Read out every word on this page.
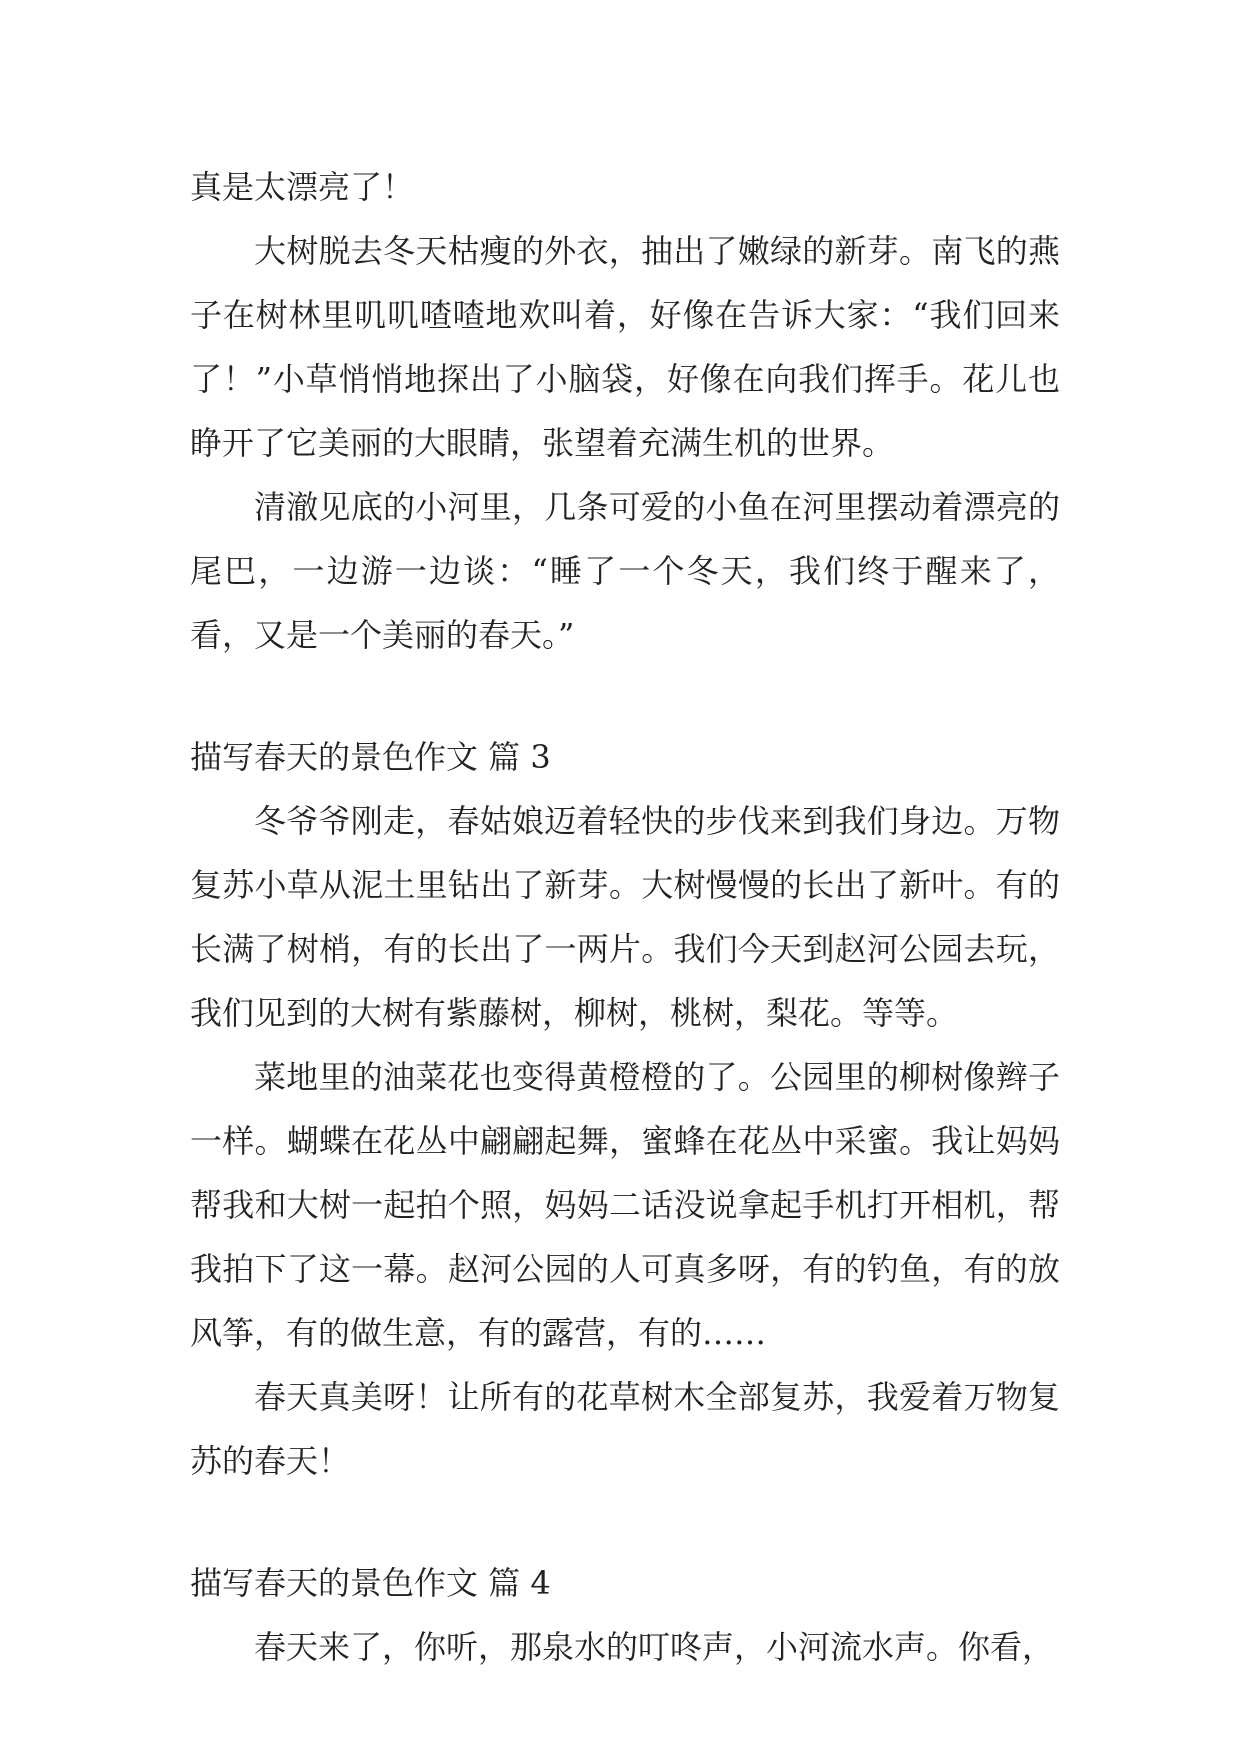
真是太漂亮了！

大树脱去冬天枯瘦的外衣，抽出了嫩绿的新芽。南飞的燕子在树林里叽叽喳喳地欢叫着，好像在告诉大家：“我们回来了！”小草悄悄地探出了小脑袋，好像在向我们挥手。花儿也睁开了它美丽的大眼睛，张望着充满生机的世界。

清澈见底的小河里，几条可爱的小鱼在河里摆动着漂亮的尾巴，一边游一边谈：“睡了一个冬天，我们终于醒来了，看，又是一个美丽的春天。”

描写春天的景色作文 篇 3

冬爷爷刚走，春姑娘迈着轻快的步伐来到我们身边。万物复苏小草从泥土里钻出了新芽。大树慢慢的长出了新叶。有的长满了树梢，有的长出了一两片。我们今天到赵河公园去玩，我们见到的大树有紫藤树，柳树，桃树，梨花。等等。

菜地里的油菜花也变得黄橙橙的了。公园里的柳树像辫子一样。蝴蝶在花丛中翩翩起舞，蜜蜂在花丛中采蜜。我让妈妈帮我和大树一起拍个照，妈妈二话没说拿起手机打开相机，帮我拍下了这一幕。赵河公园的人可真多呀，有的钓鱼，有的放风筝，有的做生意，有的露营，有的……

春天真美呀！让所有的花草树木全部复苏，我爱着万物复苏的春天！

描写春天的景色作文 篇 4

春天来了，你听，那泉水的叮咚声，小河流水声。你看，
